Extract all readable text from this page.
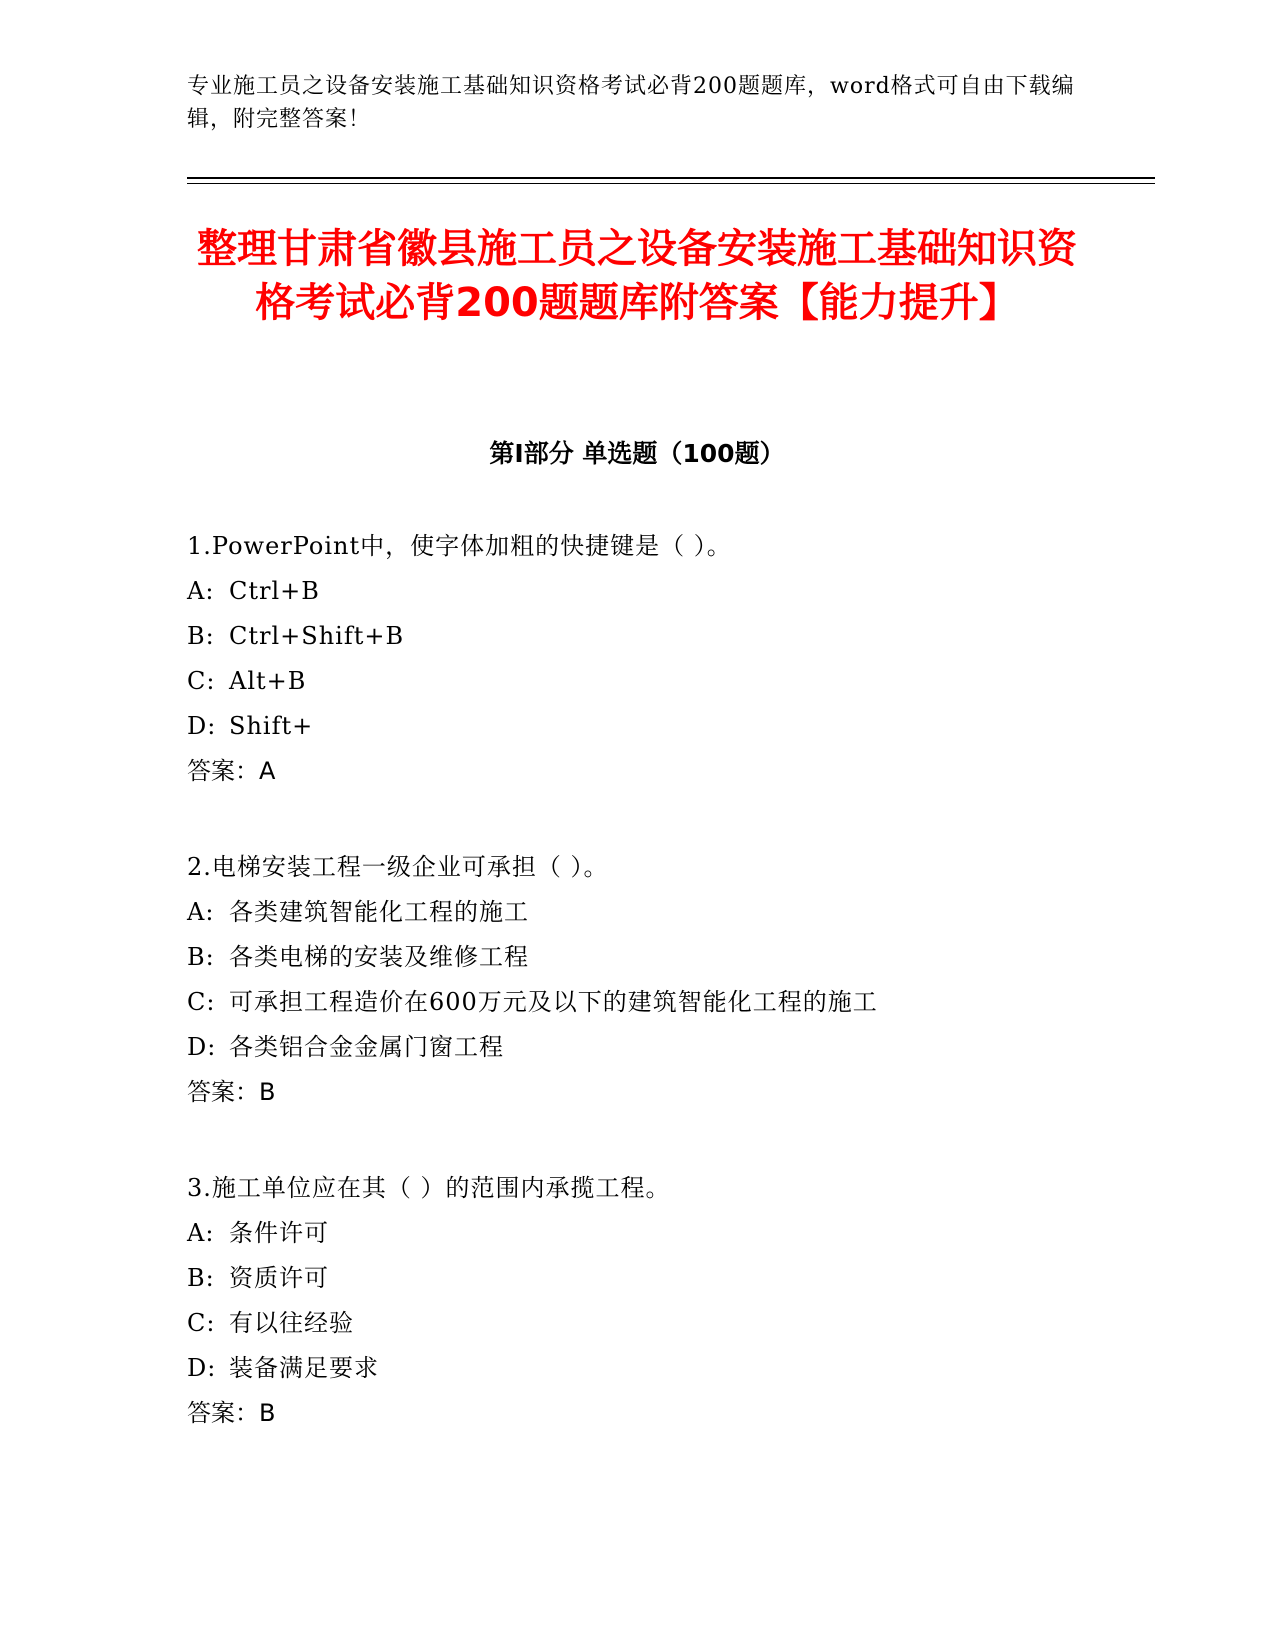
专业施工员之设备安装施工基础知识资格考试必背200题题库，word格式可自由下载编辑，附完整答案！

整理甘肃省徽县施工员之设备安装施工基础知识资格考试必背200题题库附答案【能力提升】
第Ⅰ部分 单选题（100题）
1.PowerPoint中，使字体加粗的快捷键是（ ）。
A: Ctrl+B
B: Ctrl+Shift+B
C: Alt+B
D: Shift+
答案：A
2.电梯安装工程一级企业可承担（ ）。
A: 各类建筑智能化工程的施工
B: 各类电梯的安装及维修工程
C: 可承担工程造价在600万元及以下的建筑智能化工程的施工
D: 各类铝合金金属门窗工程
答案：B
3.施工单位应在其（ ）的范围内承揽工程。
A: 条件许可
B: 资质许可
C: 有以往经验
D: 装备满足要求
答案：B
